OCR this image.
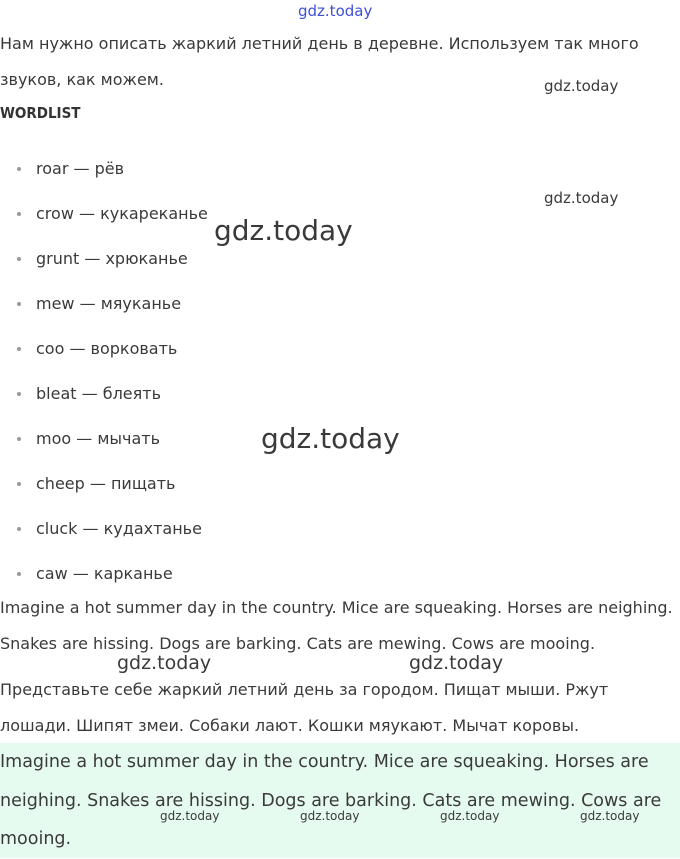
gdz.today

Нам нужно описать жаркий летний день в деревне. Используем так много звуков, как можем.	gdz.today
WORDLIST
gdz.today
roar — рёв
crow — кукареканье
grunt — хрюканье
mew — мяуканье
coo — ворковать
bleat — блеять
moo — мычать
cheep — пищать
cluck — кудахтанье
caw — карканье
gdz.today
gdz.today

Imagine a hot summer day in the country. Mice are squeaking. Horses are neighing. Snakes are hissing. Dogs are barking. Cats are mewing. Cows are mooing.

gdz.today	gdz.today

Представьте себе жаркий летний день за городом. Пищат мыши. Ржут лошади. Шипят змеи. Собаки лают. Кошки мяукают. Мычат коровы.

Imagine a hot summer day in the country. Mice are squeaking. Horses are neighing. Snakes are hissing. Dogs are barking. Cats are mewing. Cows are mooing.

gdz.today	gdz.today	gdz.today	gdz.today
